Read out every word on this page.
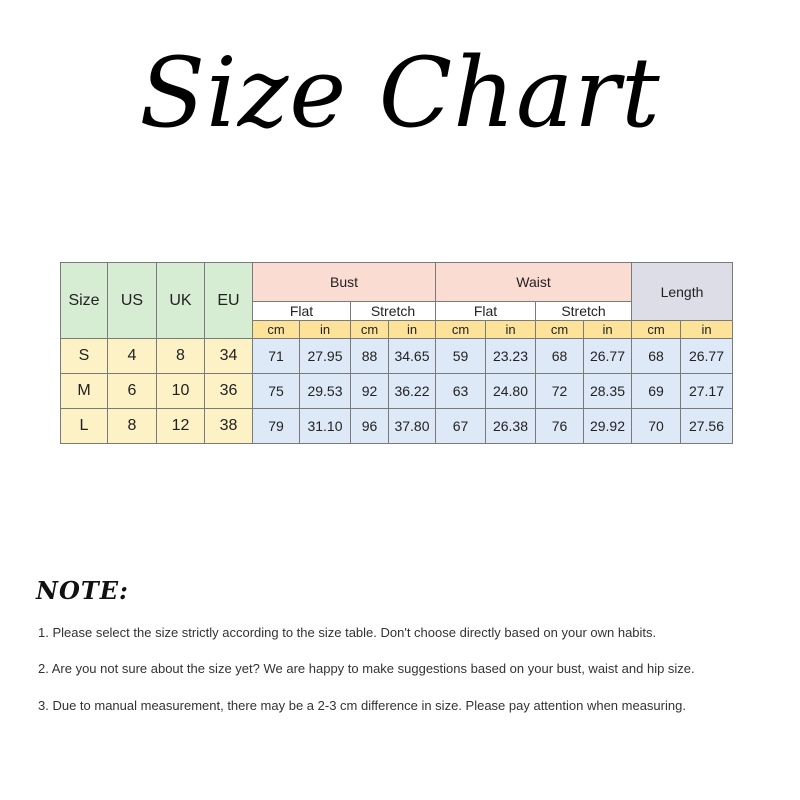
Size Chart
Size	US	UK	EU	Bust				Waist				Length	
				Flat		Stretch		Flat		Stretch			
				cm	in	cm	in	cm	in	cm	in	cm	in
S	4	8	34	71	27.95	88	34.65	59	23.23	68	26.77	68	26.77
M	6	10	36	75	29.53	92	36.22	63	24.80	72	28.35	69	27.17
L	8	12	38	79	31.10	96	37.80	67	26.38	76	29.92	70	27.56
NOTE:
1. Please select the size strictly according to the size table. Don't choose directly based on your own habits.
2. Are you not sure about the size yet? We are happy to make suggestions based on your bust, waist and hip size.
3. Due to manual measurement, there may be a 2-3 cm difference in size. Please pay attention when measuring.
